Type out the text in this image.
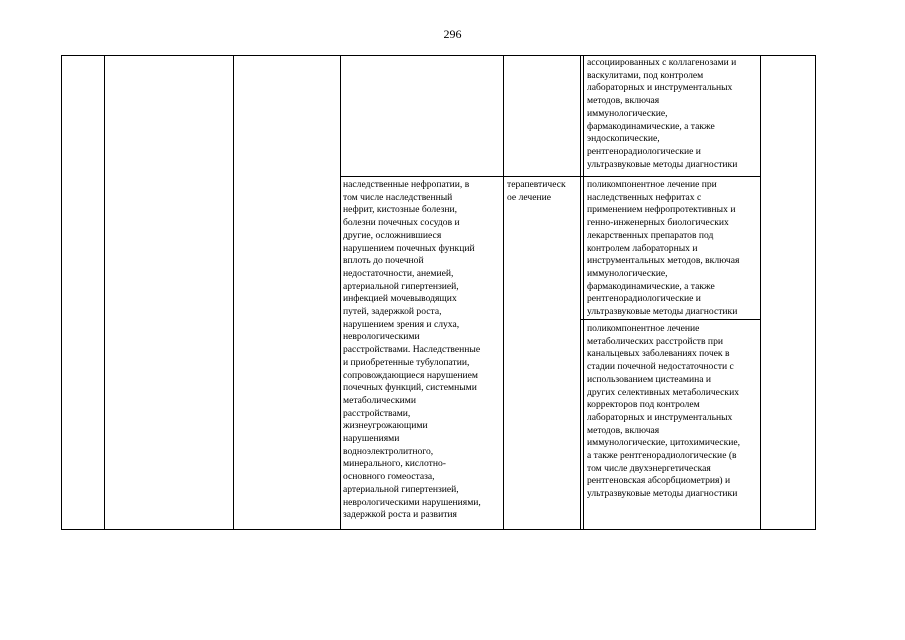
296
ассоциированных с коллагенозами и
васкулитами, под контролем
лабораторных и инструментальных
методов, включая
иммунологические,
фармакодинамические, а также
эндоскопические,
рентгенорадиологические и
ультразвуковые методы диагностики
наследственные нефропатии, в
том числе наследственный
нефрит, кистозные болезни,
болезни почечных сосудов и
другие, осложнившиеся
нарушением почечных функций
вплоть до почечной
недостаточности, анемией,
артериальной гипертензией,
инфекцией мочевыводящих
путей, задержкой роста,
нарушением зрения и слуха,
неврологическими
расстройствами. Наследственные
и приобретенные тубулопатии,
сопровождающиеся нарушением
почечных функций, системными
метаболическими
расстройствами,
жизнеугрожающими
нарушениями
водноэлектролитного,
минерального, кислотно-
основного гомеостаза,
артериальной гипертензией,
неврологическими нарушениями,
задержкой роста и развития
терапевтическ
ое лечение
поликомпонентное лечение при
наследственных нефритах с
применением нефропротективных и
генно-инженерных биологических
лекарственных препаратов под
контролем лабораторных и
инструментальных методов, включая
иммунологические,
фармакодинамические, а также
рентгенорадиологические и
ультразвуковые методы диагностики
поликомпонентное лечение
метаболических расстройств при
канальцевых заболеваниях почек в
стадии почечной недостаточности с
использованием цистеамина и
других селективных метаболических
корректоров под контролем
лабораторных и инструментальных
методов, включая
иммунологические, цитохимические,
а также рентгенорадиологические (в
том числе двухэнергетическая
рентгеновская абсорбциометрия) и
ультразвуковые методы диагностики
